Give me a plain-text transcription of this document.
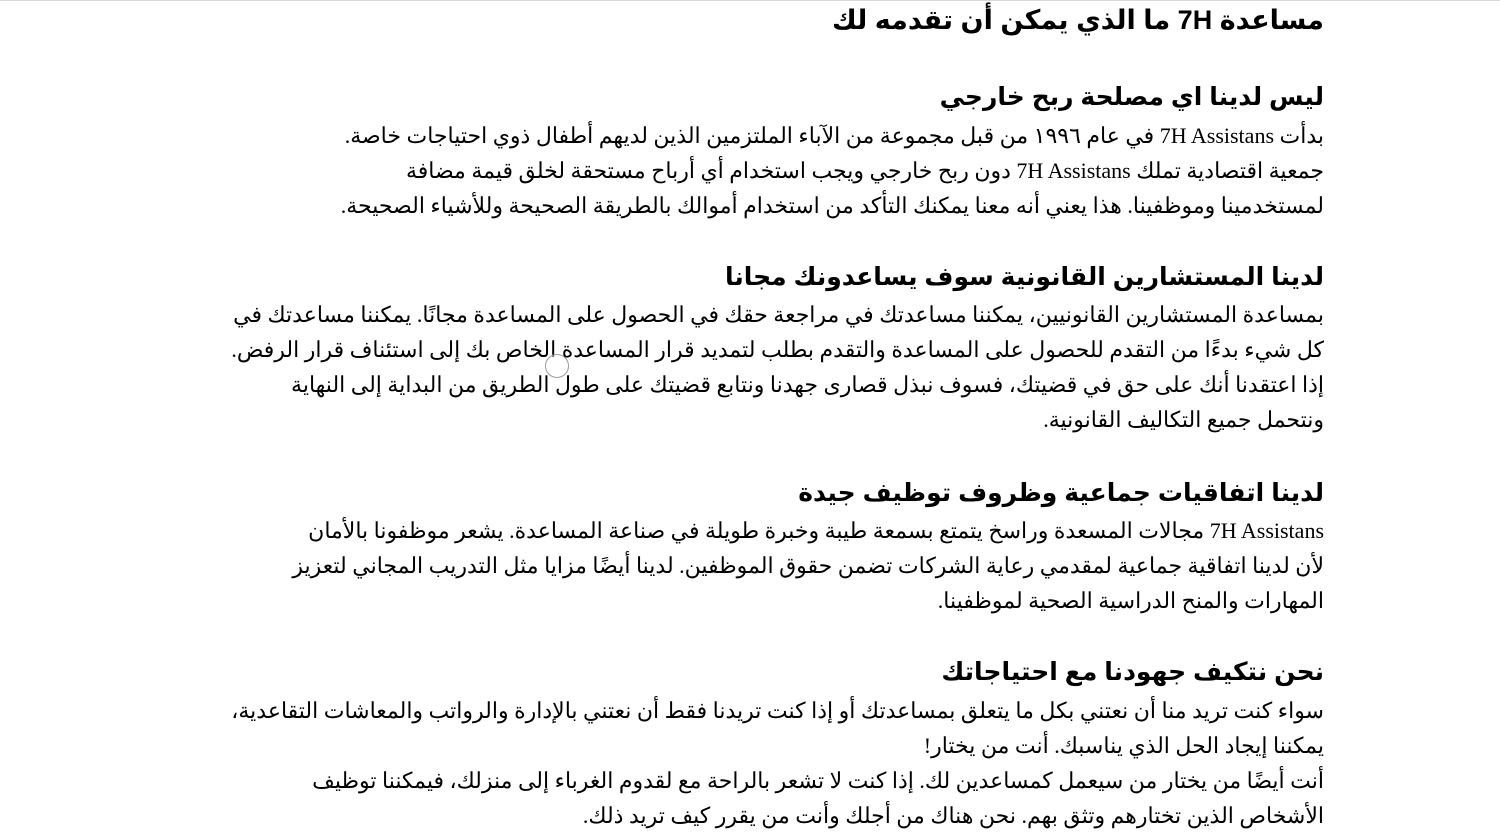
مساعدة 7H ما الذي يمكن أن تقدمه لك
ليس لدينا اي مصلحة ربح خارجي
بدأت 7H Assistans في عام ١٩٩٦ من قبل مجموعة من الآباء الملتزمين الذين لديهم أطفال ذوي احتياجات خاصة.
جمعية اقتصادية تملك 7H Assistans دون ربح خارجي ويجب استخدام أي أرباح مستحقة لخلق قيمة مضافة
لمستخدمينا وموظفينا. هذا يعني أنه معنا يمكنك التأكد من استخدام أموالك بالطريقة الصحيحة وللأشياء الصحيحة.
لدينا المستشارين القانونية سوف يساعدونك مجانا
بمساعدة المستشارين القانونيين، يمكننا مساعدتك في مراجعة حقك في الحصول على المساعدة مجانًا. يمكننا مساعدتك في
كل شيء بدءًا من التقدم للحصول على المساعدة والتقدم بطلب لتمديد قرار المساعدة الخاص بك إلى استئناف قرار الرفض.
إذا اعتقدنا أنك على حق في قضيتك، فسوف نبذل قصارى جهدنا ونتابع قضيتك على طول الطريق من البداية إلى النهاية
ونتحمل جميع التكاليف القانونية.
لدينا اتفاقيات جماعية وظروف توظيف جيدة
7H Assistans مجالات المسعدة وراسخ يتمتع بسمعة طيبة وخبرة طويلة في صناعة المساعدة. يشعر موظفونا بالأمان
لأن لدينا اتفاقية جماعية لمقدمي رعاية الشركات تضمن حقوق الموظفين. لدينا أيضًا مزايا مثل التدريب المجاني لتعزيز
المهارات والمنح الدراسية الصحية لموظفينا.
نحن نتكيف جهودنا مع احتياجاتك
سواء كنت تريد منا أن نعتني بكل ما يتعلق بمساعدتك أو إذا كنت تريدنا فقط أن نعتني بالإدارة والرواتب والمعاشات التقاعدية،
يمكننا إيجاد الحل الذي يناسبك. أنت من يختار!
أنت أيضًا من يختار من سيعمل كمساعدين لك. إذا كنت لا تشعر بالراحة مع لقدوم الغرباء إلى منزلك، فيمكننا توظيف
الأشخاص الذين تختارهم وتثق بهم. نحن هناك من أجلك وأنت من يقرر كيف تريد ذلك.
